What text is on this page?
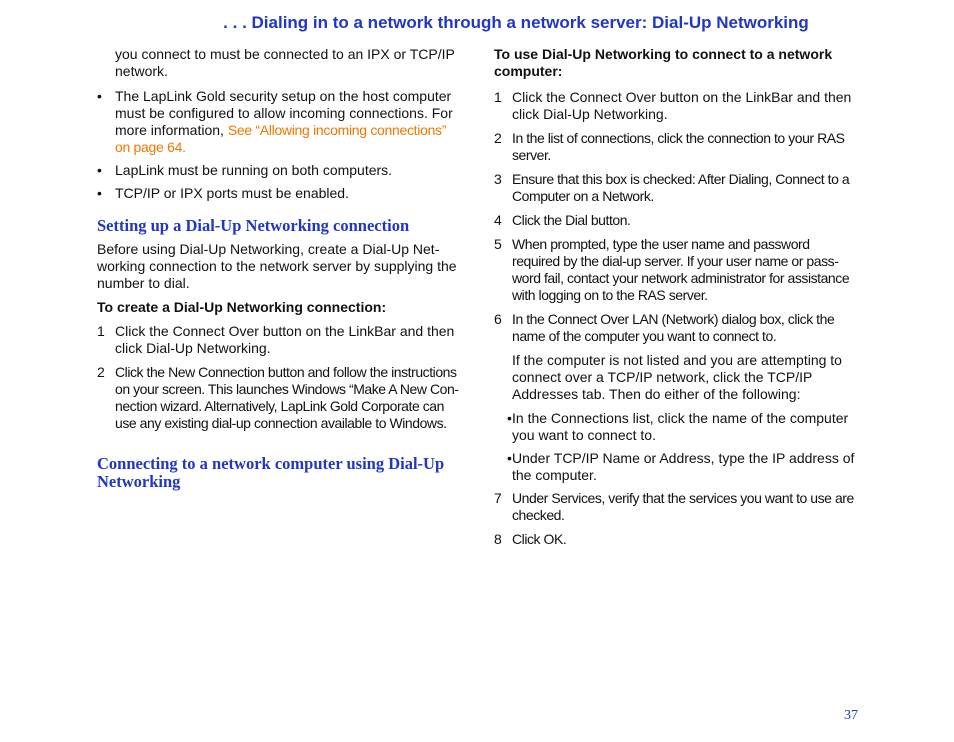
. . . Dialing in to a network through a network server: Dial-Up Networking

you connect to must be connected to an IPX or TCP/IP network.

• The LapLink Gold security setup on the host computer must be configured to allow incoming connections. For more information, See “Allowing incoming connections” on page 64.
• LapLink must be running on both computers.
• TCP/IP or IPX ports must be enabled.
Setting up a Dial-Up Networking connection

Before using Dial-Up Networking, create a Dial-Up Net-working connection to the network server by supplying the number to dial.

To create a Dial-Up Networking connection:

1 Click the Connect Over button on the LinkBar and then click Dial-Up Networking.
2 Click the New Connection button and follow the instructions on your screen. This launches Windows “Make A New Con-nection wizard. Alternatively, LapLink Gold Corporate can use any existing dial-up connection available to Windows.
Connecting to a network computer using Dial-Up Networking

To use Dial-Up Networking to connect to a network computer:

1 Click the Connect Over button on the LinkBar and then click Dial-Up Networking.
2 In the list of connections, click the connection to your RAS server.
3 Ensure that this box is checked: After Dialing, Connect to a Computer on a Network.
4 Click the Dial button.
5 When prompted, type the user name and password required by the dial-up server. If your user name or pass-word fail, contact your network administrator for assistance with logging on to the RAS server.
6 In the Connect Over LAN (Network) dialog box, click the name of the computer you want to connect to.

If the computer is not listed and you are attempting to connect over a TCP/IP network, click the TCP/IP Addresses tab. Then do either of the following:

• In the Connections list, click the name of the computer you want to connect to.
• Under TCP/IP Name or Address, type the IP address of the computer.
7 Under Services, verify that the services you want to use are checked.
8 Click OK.
37
